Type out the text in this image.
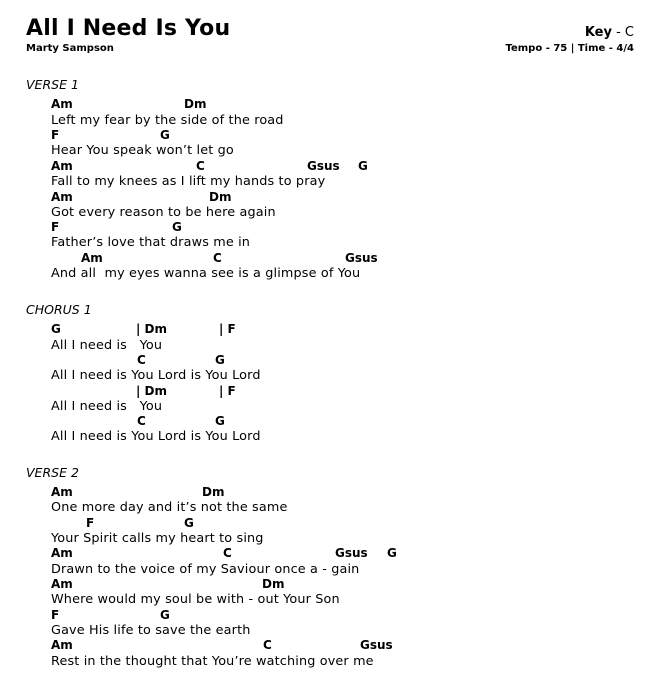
All I Need Is You
Marty Sampson
Key - C
Tempo - 75 | Time - 4/4
VERSE 1
Am	Dm
Left my fear by the side of the road
F	G
Hear You speak won’t let go
Am	C	Gsus G
Fall to my knees as I lift my hands to pray
Am	Dm
Got every reason to be here again
F	G
Father’s love that draws me in
Am	C	Gsus
And all  my eyes wanna see is a glimpse of You
CHORUS 1
G	| Dm	| F
All I need is   You
C	G
All I need is You Lord is You Lord
| Dm	| F
All I need is   You
C	G
All I need is You Lord is You Lord
VERSE 2
Am	Dm
One more day and it’s not the same
F	G
Your Spirit calls my heart to sing
Am	C	Gsus G
Drawn to the voice of my Saviour once a - gain
Am	Dm
Where would my soul be with - out Your Son
F	G
Gave His life to save the earth
Am	C	Gsus
Rest in the thought that You’re watching over me
